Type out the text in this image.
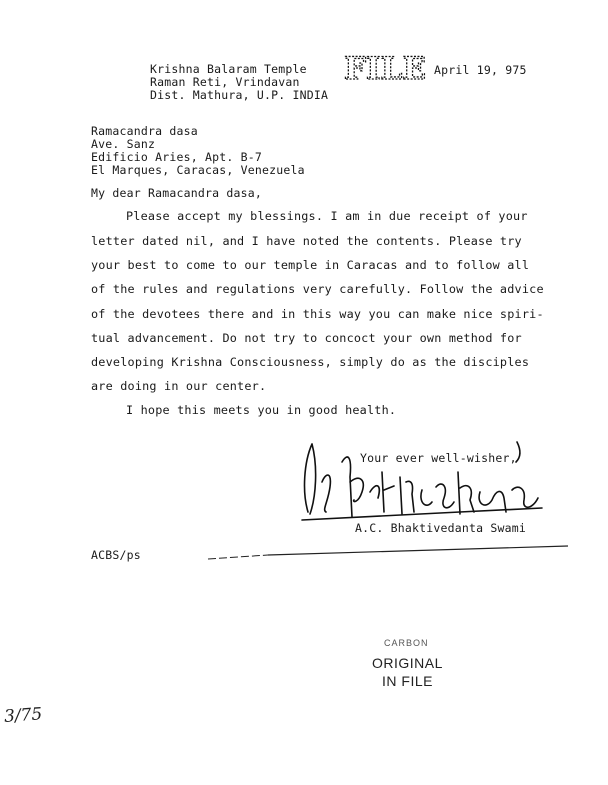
Krishna Balaram Temple
Raman Reti, Vrindavan
Dist. Mathura, U.P. INDIA
FILE April 19, 975
Ramacandra dasa
Ave. Sanz
Edificio Aries, Apt. B-7
El Marques, Caracas, Venezuela
My dear Ramacandra dasa,
Please accept my blessings. I am in due receipt of your
letter dated nil, and I have noted the contents. Please try
your best to come to our temple in Caracas and to follow all
of the rules and regulations very carefully. Follow the advice
of the devotees there and in this way you can make nice spiri-
tual advancement. Do not try to concoct your own method for
developing Krishna Consciousness, simply do as the disciples
are doing in our center.
I hope this meets you in good health.
Your ever well-wisher,
A.C. Bhaktivedanta
A.C. Bhaktivedanta Swami
ACBS/ps
CARBON
ORIGINAL
IN FILE
3/75
